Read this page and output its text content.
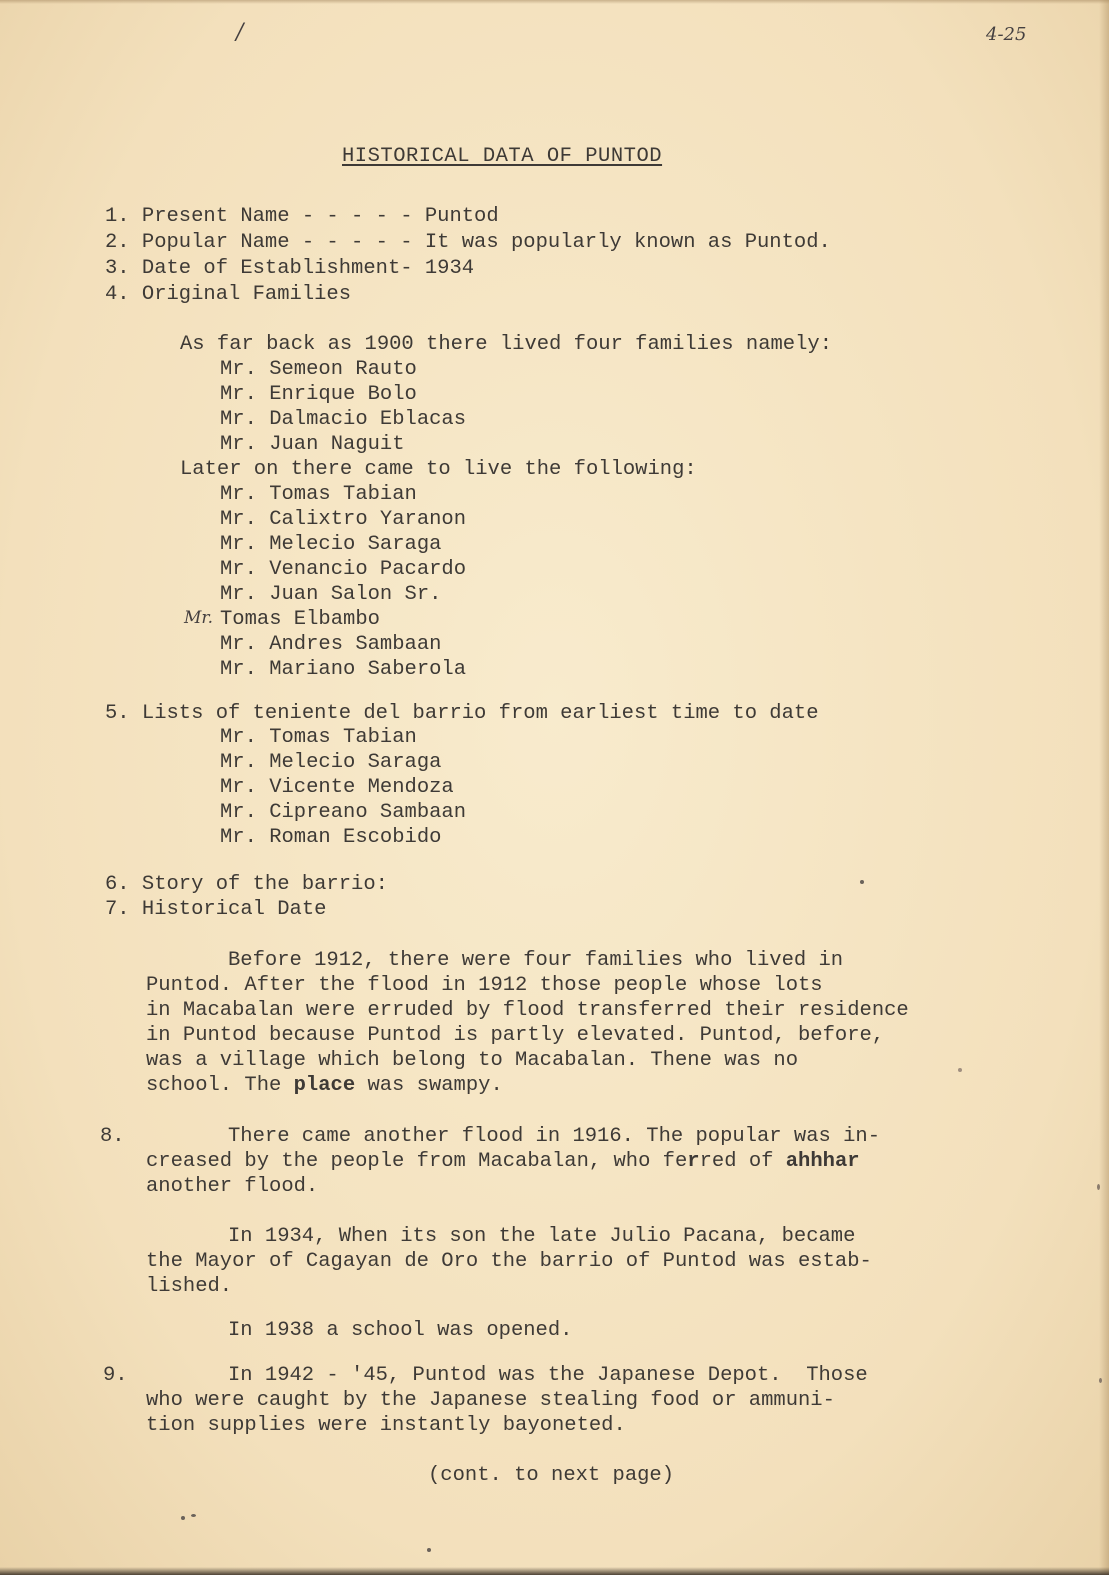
/	4-25
HISTORICAL DATA OF PUNTOD
1. Present Name - - - - - Puntod
2. Popular Name - - - - - It was popularly known as Puntod.
3. Date of Establishment- 1934
4. Original Families
As far back as 1900 there lived four families namely:
Mr. Semeon Rauto
Mr. Enrique Bolo
Mr. Dalmacio Eblacas
Mr. Juan Naguit
Later on there came to live the following:
Mr. Tomas Tabian
Mr. Calixtro Yaranon
Mr. Melecio Saraga
Mr. Venancio Pacardo
Mr. Juan Salon Sr.
Mr. Tomas Elbambo
Mr. Andres Sambaan
Mr. Mariano Saberola
5. Lists of teniente del barrio from earliest time to date
Mr. Tomas Tabian
Mr. Melecio Saraga
Mr. Vicente Mendoza
Mr. Cipreano Sambaan
Mr. Roman Escobido
6. Story of the barrio:
7. Historical Date
Before 1912, there were four families who lived in
Puntod. After the flood in 1912 those people whose lots
in Macabalan were erruded by flood transferred their residence
in Puntod because Puntod is partly elevated. Puntod, before,
was a village which belong to Macabalan. Thene was no
school. The place was swampy.
8.	There came another flood in 1916. The popular was in-
creased by the people from Macabalan, who ferred of ahhhar
another flood.
In 1934, When its son the late Julio Pacana, became
the Mayor of Cagayan de Oro the barrio of Puntod was estab-
lished.
In 1938 a school was opened.
9.	In 1942 - '45, Puntod was the Japanese Depot.  Those
who were caught by the Japanese stealing food or ammuni-
tion supplies were instantly bayoneted.
(cont. to next page)
